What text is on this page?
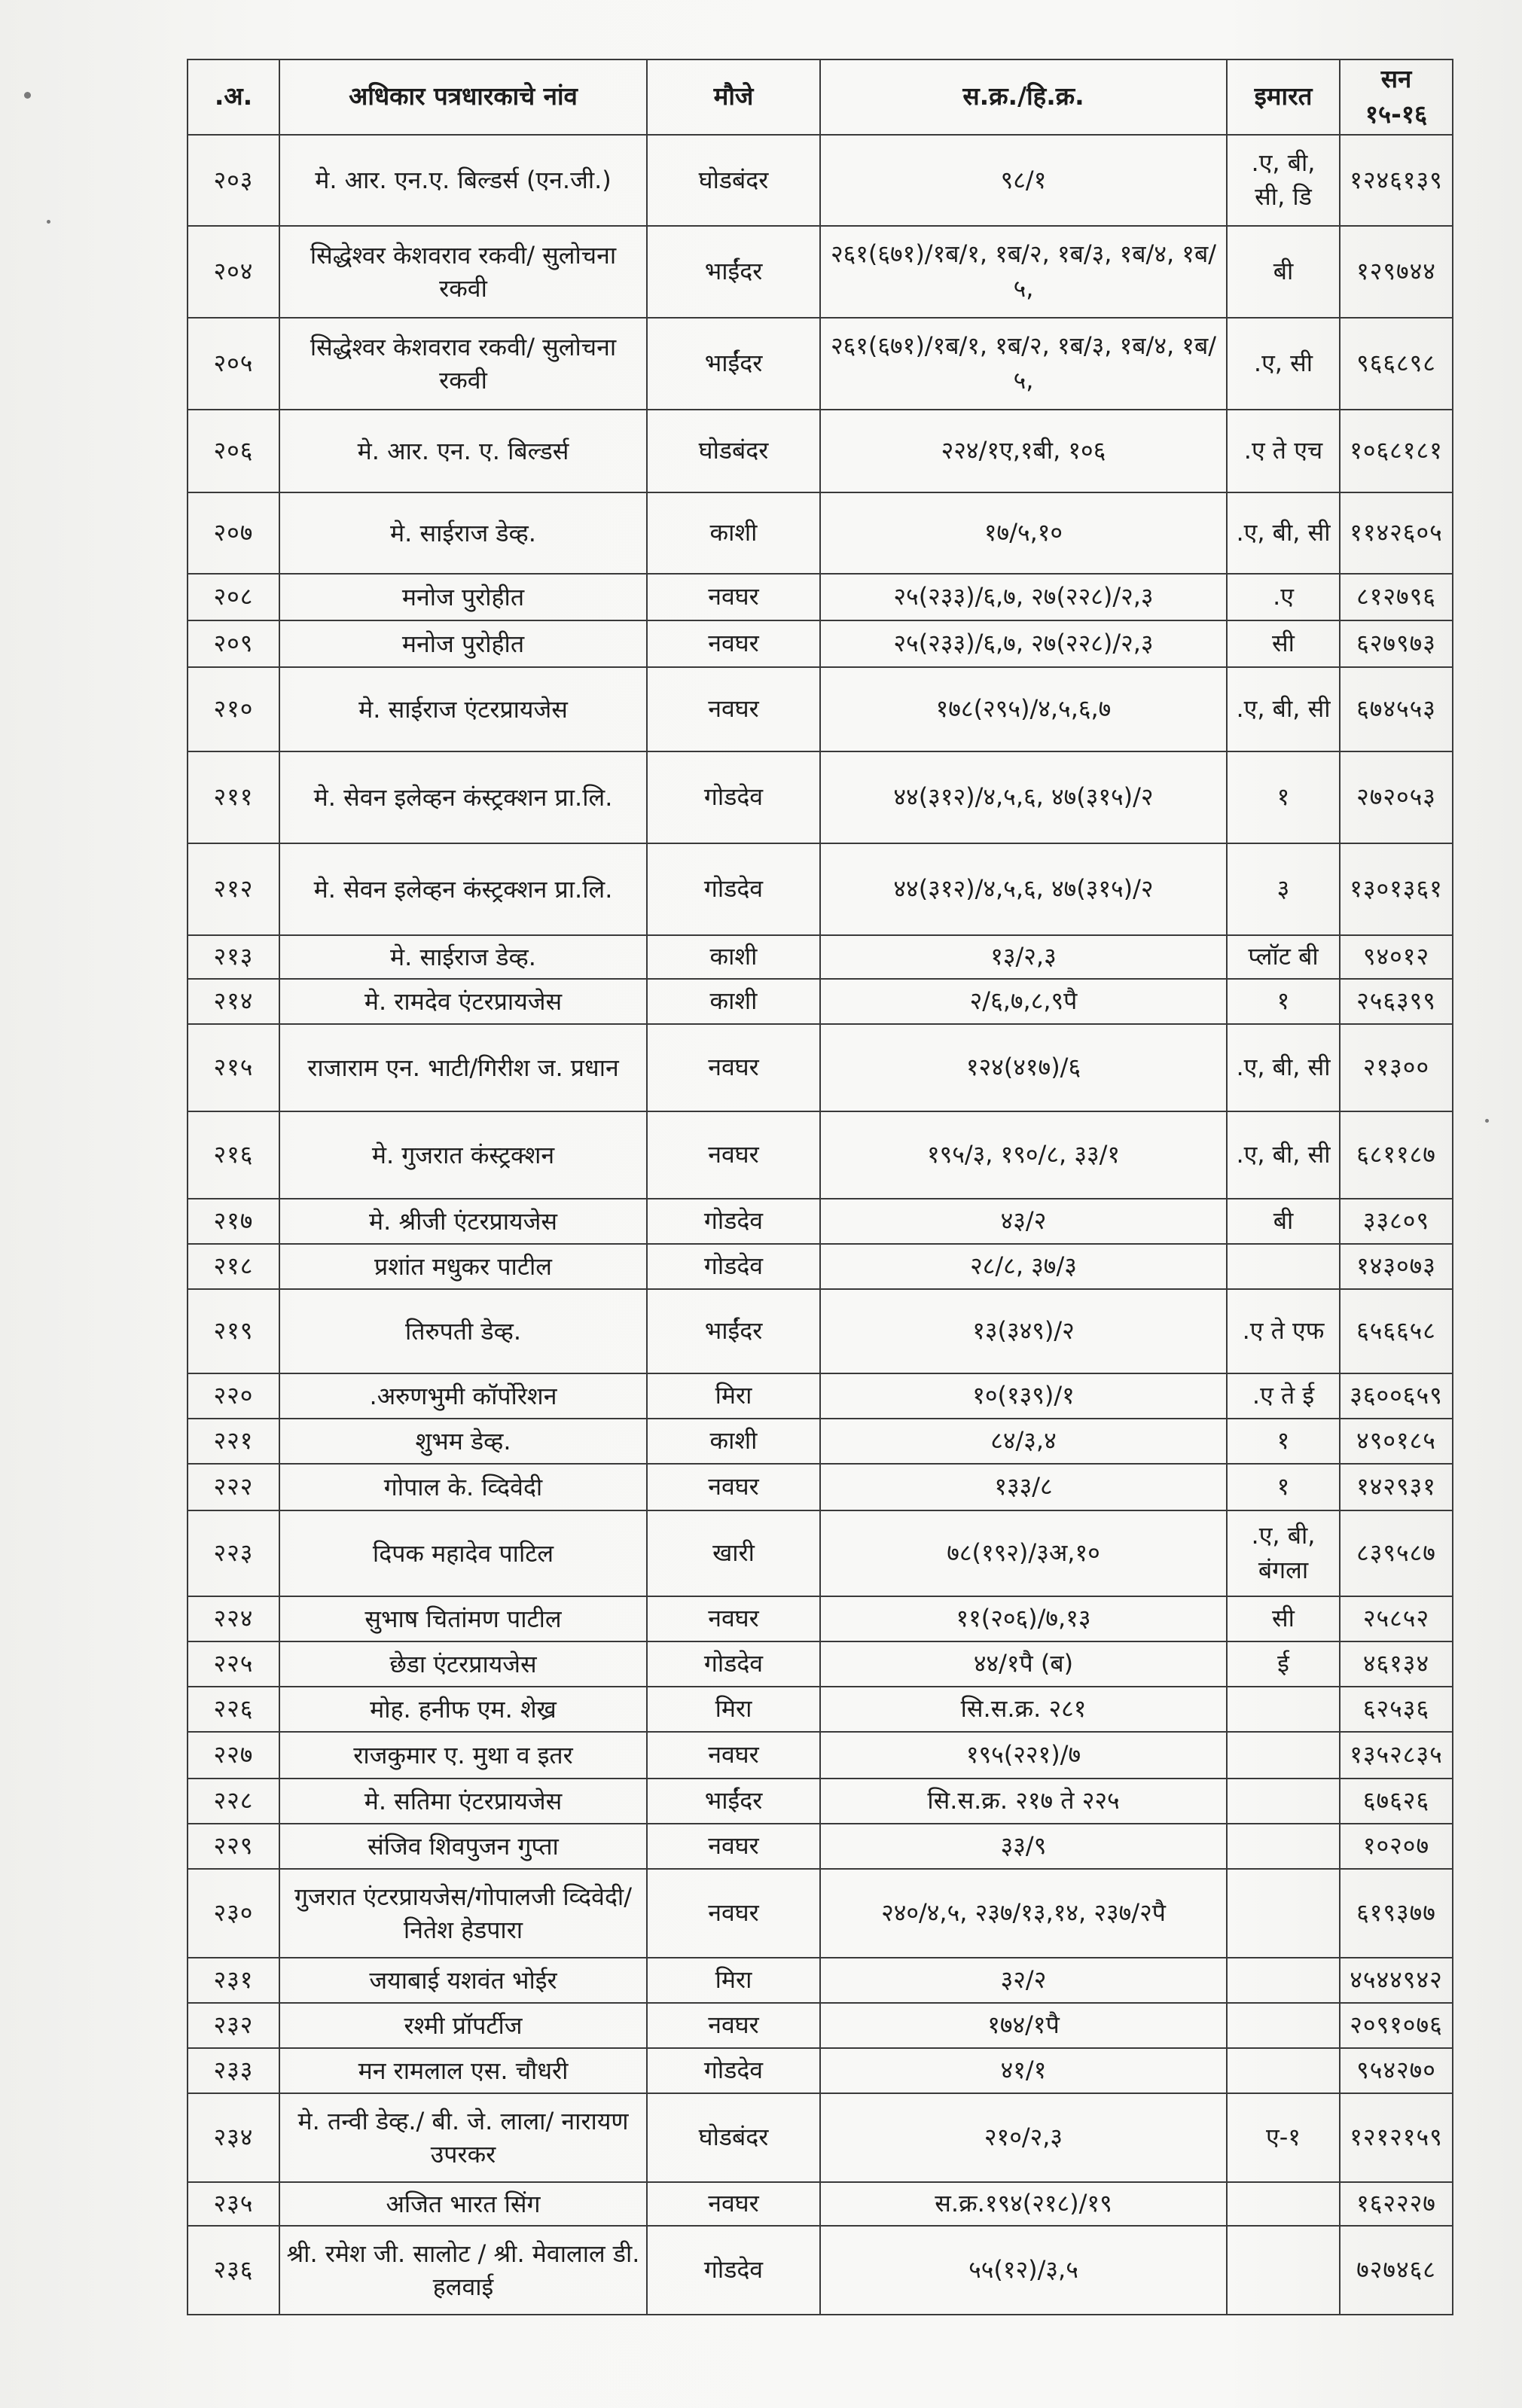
.अ.	अधिकार पत्रधारकाचे नांव	मौजे	स.क्र./हि.क्र.	इमारत	सन १५-१६
२०३	मे. आर. एन.ए. बिल्डर्स (एन.जी.)	घोडबंदर	९८/१	.ए, बी, सी, डि	१२४६१३९
२०४	सिद्धेश्वर केशवराव रकवी/ सुलोचना रकवी	भाईंदर	२६१(६७१)/१ब/१, १ब/२, १ब/३, १ब/४, १ब/५,	बी	१२९७४४
२०५	सिद्धेश्वर केशवराव रकवी/ सुलोचना रकवी	भाईंदर	२६१(६७१)/१ब/१, १ब/२, १ब/३, १ब/४, १ब/५,	.ए, सी	९६६८९८
२०६	मे. आर. एन. ए. बिल्डर्स	घोडबंदर	२२४/१ए,१बी, १०६	.ए ते एच	१०६८१८१
२०७	मे. साईराज डेव्ह.	काशी	१७/५,१०	.ए, बी, सी	११४२६०५
२०८	मनोज पुरोहीत	नवघर	२५(२३३)/६,७, २७(२२८)/२,३	.ए	८१२७९६
२०९	मनोज पुरोहीत	नवघर	२५(२३३)/६,७, २७(२२८)/२,३	सी	६२७९७३
२१०	मे. साईराज एंटरप्रायजेस	नवघर	१७८(२९५)/४,५,६,७	.ए, बी, सी	६७४५५३
२११	मे. सेवन इलेव्हन कंस्ट्रक्शन प्रा.लि.	गोडदेव	४४(३१२)/४,५,६, ४७(३१५)/२	१	२७२०५३
२१२	मे. सेवन इलेव्हन कंस्ट्रक्शन प्रा.लि.	गोडदेव	४४(३१२)/४,५,६, ४७(३१५)/२	३	१३०१३६१
२१३	मे. साईराज डेव्ह.	काशी	१३/२,३	प्लॉट बी	९४०१२
२१४	मे. रामदेव एंटरप्रायजेस	काशी	२/६,७,८,९पै	१	२५६३९९
२१५	राजाराम एन. भाटी/गिरीश ज. प्रधान	नवघर	१२४(४१७)/६	.ए, बी, सी	२१३००
२१६	मे. गुजरात कंस्ट्रक्शन	नवघर	१९५/३, १९०/८, ३३/१	.ए, बी, सी	६८११८७
२१७	मे. श्रीजी एंटरप्रायजेस	गोडदेव	४३/२	बी	३३८०९
२१८	प्रशांत मधुकर पाटील	गोडदेव	२८/८, ३७/३		१४३०७३
२१९	तिरुपती डेव्ह.	भाईंदर	१३(३४९)/२	.ए ते एफ	६५६६५८
२२०	.अरुणभुमी कॉर्पोरेशन	मिरा	१०(१३९)/१	.ए ते ई	३६००६५९
२२१	शुभम डेव्ह.	काशी	८४/३,४	१	४९०१८५
२२२	गोपाल के. व्दिवेदी	नवघर	१३३/८	१	१४२९३१
२२३	दिपक महादेव पाटिल	खारी	७८(१९२)/३अ,१०	.ए, बी, बंगला	८३९५८७
२२४	सुभाष चितांमण पाटील	नवघर	११(२०६)/७,१३	सी	२५८५२
२२५	छेडा एंटरप्रायजेस	गोडदेव	४४/१पै (ब)	ई	४६१३४
२२६	मोह. हनीफ एम. शेख्र	मिरा	सि.स.क्र. २८१		६२५३६
२२७	राजकुमार ए. मुथा व इतर	नवघर	१९५(२२१)/७		१३५२८३५
२२८	मे. सतिमा एंटरप्रायजेस	भाईंदर	सि.स.क्र. २१७ ते २२५		६७६२६
२२९	संजिव शिवपुजन गुप्ता	नवघर	३३/९		१०२०७
२३०	गुजरात एंटरप्रायजेस/गोपालजी व्दिवेदी/नितेश हेडपारा	नवघर	२४०/४,५, २३७/१३,१४, २३७/२पै		६१९३७७
२३१	जयाबाई यशवंत भोईर	मिरा	३२/२		४५४४९४२
२३२	रश्मी प्रॉपर्टीज	नवघर	१७४/१पै		२०९१०७६
२३३	मन रामलाल एस. चौधरी	गोडदेव	४१/१		९५४२७०
२३४	मे. तन्वी डेव्ह./ बी. जे. लाला/ नारायण उपरकर	घोडबंदर	२१०/२,३	ए-१	१२१२१५९
२३५	अजित भारत सिंग	नवघर	स.क्र.१९४(२१८)/१९		१६२२२७
२३६	श्री. रमेश जी. सालोट / श्री. मेवालाल डी. हलवाई	गोडदेव	५५(१२)/३,५		७२७४६८
